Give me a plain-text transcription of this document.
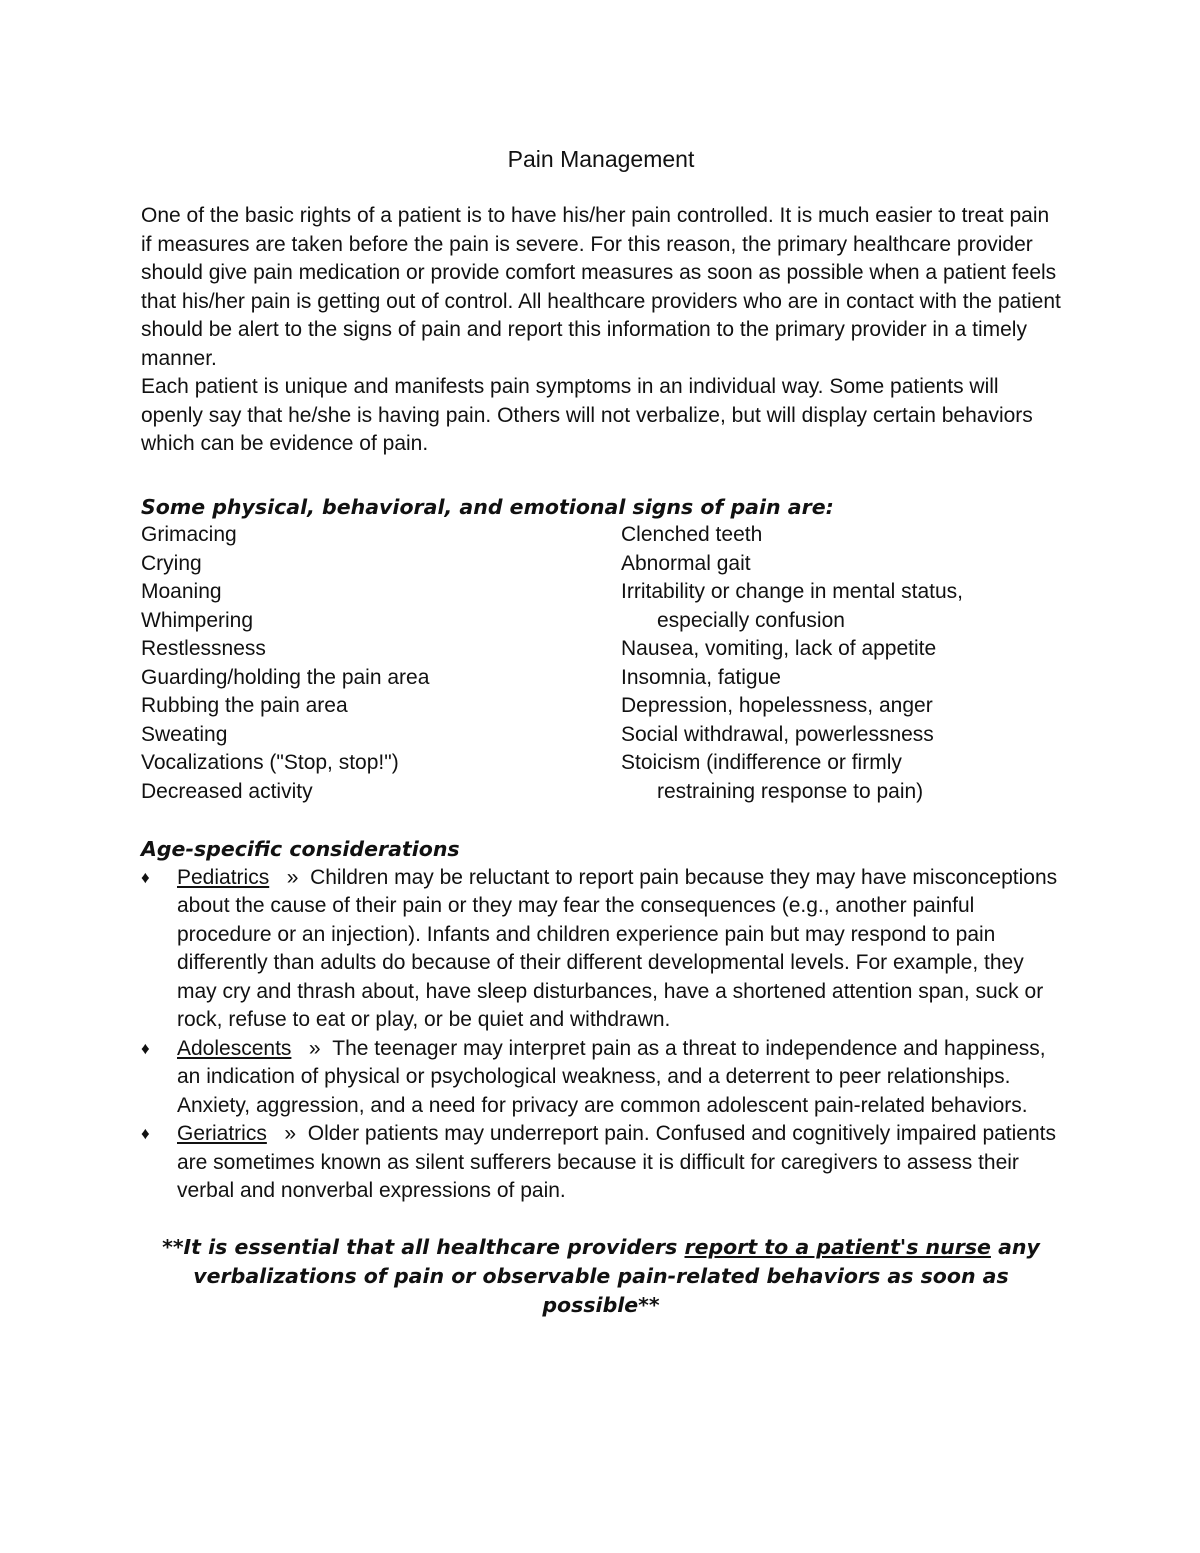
Pain Management

One of the basic rights of a patient is to have his/her pain controlled. It is much easier to treat pain if measures are taken before the pain is severe. For this reason, the primary healthcare provider should give pain medication or provide comfort measures as soon as possible when a patient feels that his/her pain is getting out of control. All healthcare providers who are in contact with the patient should be alert to the signs of pain and report this information to the primary provider in a timely manner.

Each patient is unique and manifests pain symptoms in an individual way. Some patients will openly say that he/she is having pain. Others will not verbalize, but will display certain behaviors which can be evidence of pain.

Some physical, behavioral, and emotional signs of pain are:
Grimacing
Crying
Moaning
Whimpering
Restlessness
Guarding/holding the pain area
Rubbing the pain area
Sweating
Vocalizations ("Stop, stop!")
Decreased activity
Clenched teeth
Abnormal gait
Irritability or change in mental status,
especially confusion
Nausea, vomiting, lack of appetite
Insomnia, fatigue
Depression, hopelessness, anger
Social withdrawal, powerlessness
Stoicism (indifference or firmly
restraining response to pain)
Age-specific considerations
♦ Pediatrics » Children may be reluctant to report pain because they may have misconceptions about the cause of their pain or they may fear the consequences (e.g., another painful procedure or an injection). Infants and children experience pain but may respond to pain differently than adults do because of their different developmental levels. For example, they may cry and thrash about, have sleep disturbances, have a shortened attention span, suck or rock, refuse to eat or play, or be quiet and withdrawn.
♦ Adolescents » The teenager may interpret pain as a threat to independence and happiness, an indication of physical or psychological weakness, and a deterrent to peer relationships. Anxiety, aggression, and a need for privacy are common adolescent pain-related behaviors.
♦ Geriatrics » Older patients may underreport pain. Confused and cognitively impaired patients are sometimes known as silent sufferers because it is difficult for caregivers to assess their verbal and nonverbal expressions of pain.
**It is essential that all healthcare providers report to a patient's nurse any verbalizations of pain or observable pain-related behaviors as soon as possible**
